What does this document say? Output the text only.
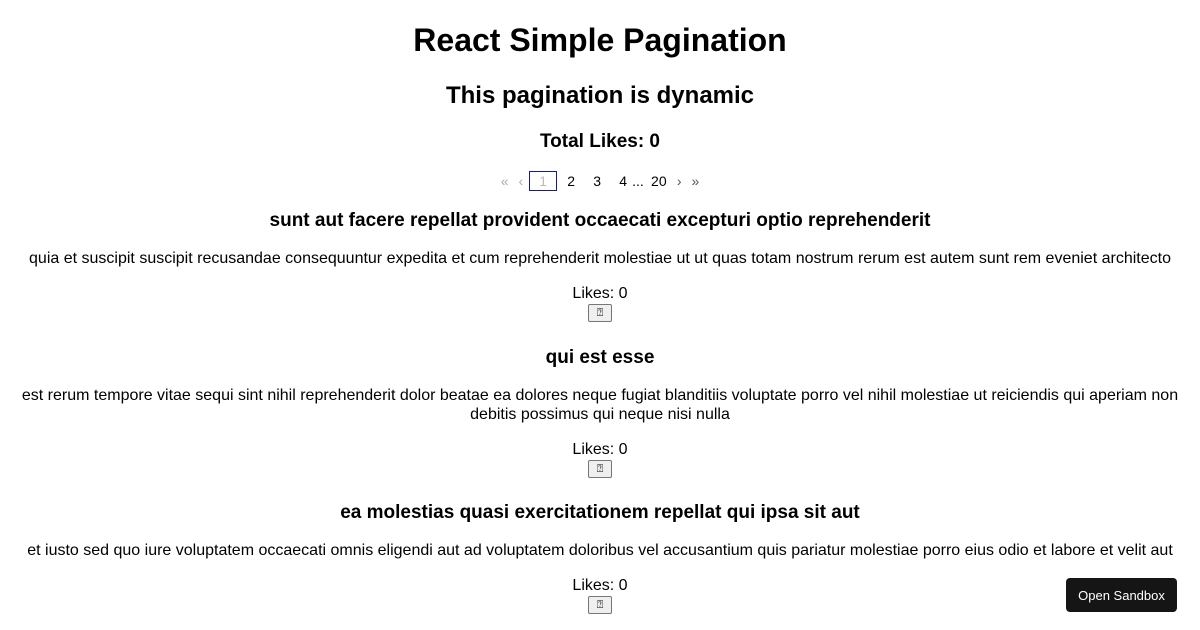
React Simple Pagination
This pagination is dynamic
Total Likes: 0
« ‹	1	2	3	4 ... 20 › »
sunt aut facere repellat provident occaecati excepturi optio reprehenderit
quia et suscipit suscipit recusandae consequuntur expedita et cum reprehenderit molestiae ut ut quas totam nostrum rerum est autem sunt rem eveniet architecto
Likes: 0
⍰
qui est esse
est rerum tempore vitae sequi sint nihil reprehenderit dolor beatae ea dolores neque fugiat blanditiis voluptate porro vel nihil molestiae ut reiciendis qui aperiam non debitis possimus qui neque nisi nulla
Likes: 0
⍰
ea molestias quasi exercitationem repellat qui ipsa sit aut
et iusto sed quo iure voluptatem occaecati omnis eligendi aut ad voluptatem doloribus vel accusantium quis pariatur molestiae porro eius odio et labore et velit aut
Likes: 0
⍰
Open Sandbox
